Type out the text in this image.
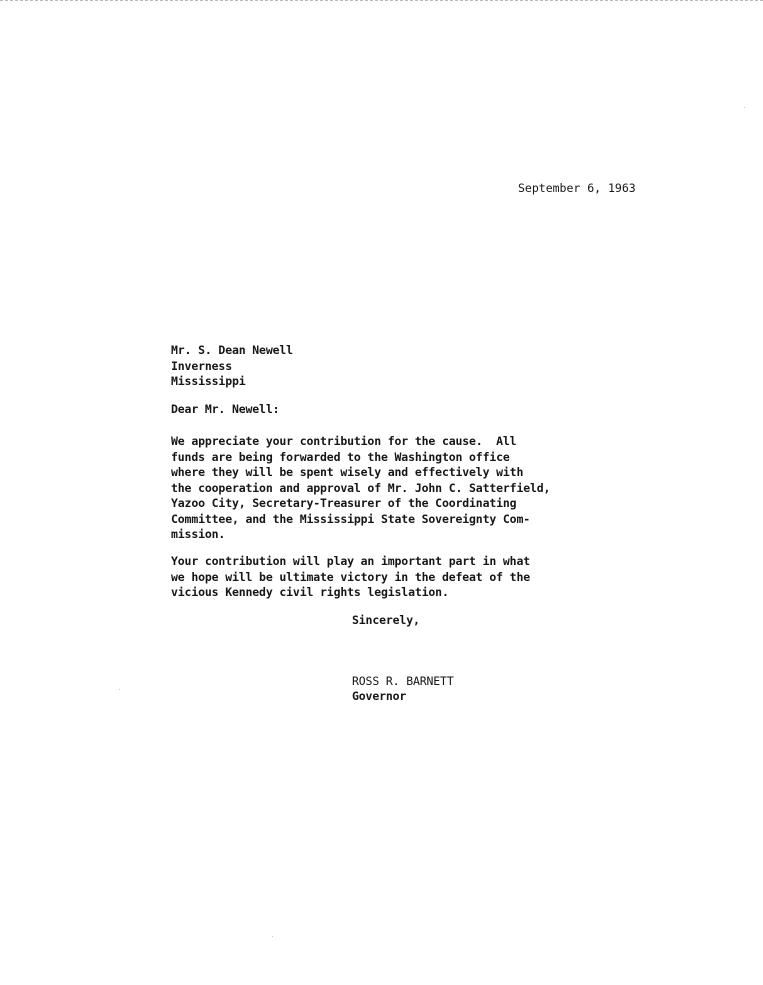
September 6, 1963
Mr. S. Dean Newell
Inverness
Mississippi
Dear Mr. Newell:
We appreciate your contribution for the cause.  All
funds are being forwarded to the Washington office
where they will be spent wisely and effectively with
the cooperation and approval of Mr. John C. Satterfield,
Yazoo City, Secretary-Treasurer of the Coordinating
Committee, and the Mississippi State Sovereignty Com-
mission.
Your contribution will play an important part in what
we hope will be ultimate victory in the defeat of the
vicious Kennedy civil rights legislation.
Sincerely,
ROSS R. BARNETT
Governor
